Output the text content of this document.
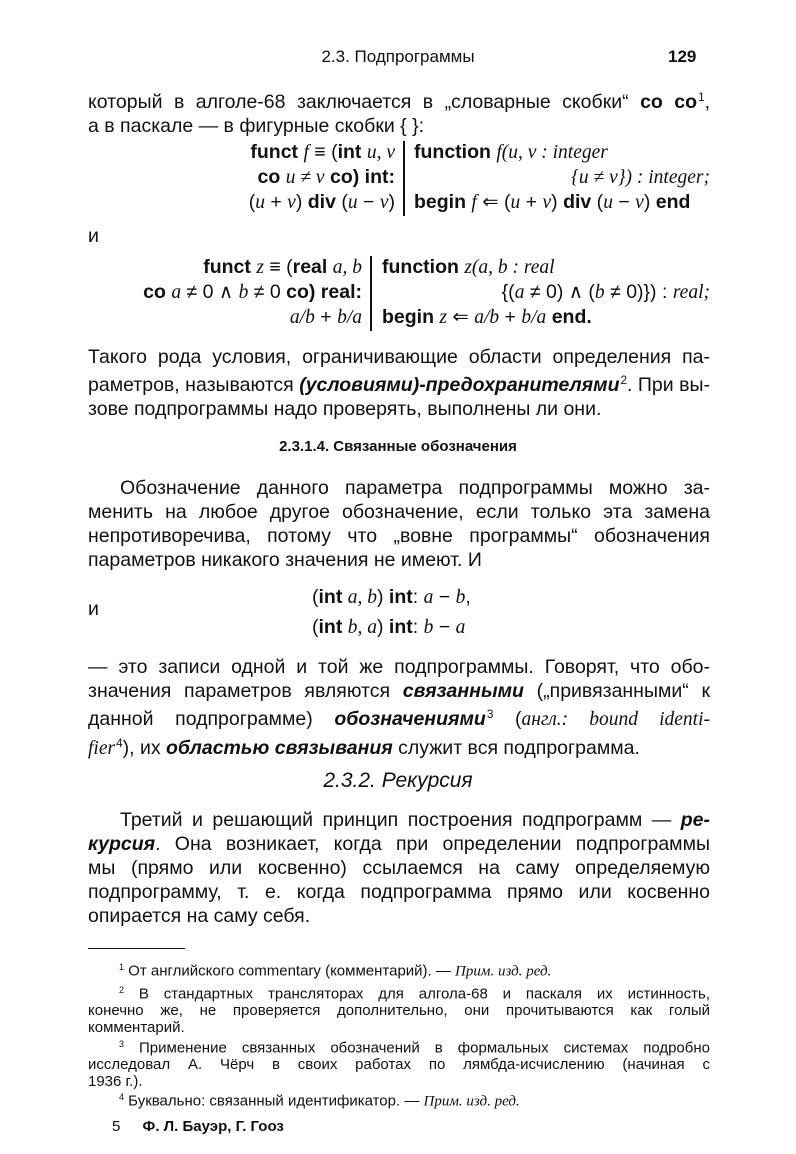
2.3. Подпрограммы	129
который в алголе-68 заключается в „словарные скобки“ co $co^1$,
а в паскале — в фигурные скобки { }:
funct f ≡ (int u, v
co u ≠ v co) int:
(u + v) div (u − v)
function f(u, v : integer
{u ≠ v}) : integer;
begin f ⇐ (u + v) div (u − v) end
и
funct z ≡ (real a, b
co a ≠ 0 ∧ b ≠ 0 co) real:
a/b + b/a
function z(a, b : real
{(a ≠ 0) ∧ (b ≠ 0)}) : real;
begin z ⇐ a/b + b/a end.
Такого рода условия, ограничивающие области определения па-
раметров, называются (условиями)-предохранителями$^2$. При вы-
зове подпрограммы надо проверять, выполнены ли они.
2.3.1.4. Связанные обозначения
Обозначение данного параметра подпрограммы можно за-
менить на любое другое обозначение, если только эта замена
непротиворечива, потому что „вовне программы“ обозначения
параметров никакого значения не имеют. И
(int a, b) int: a − b,
и
(int b, a) int: b − a
— это записи одной и той же подпрограммы. Говорят, что обо-
значения параметров являются связанными („привязанными“ к
данной подпрограмме) обозначениями$^3$ (англ.: bound identi-
fier$^4$), их областью связывания служит вся подпрограмма.
2.3.2. Рекурсия
Третий и решающий принцип построения подпрограмм — ре-
курсия. Она возникает, когда при определении подпрограммы
мы (прямо или косвенно) ссылаемся на саму определяемую
подпрограмму, т. е. когда подпрограмма прямо или косвенно
опирается на саму себя.
$^1$ От английского commentary (комментарий). — Прим. изд. ред.
$^2$ В стандартных трансляторах для алгола-68 и паскаля их истинность,
конечно же, не проверяется дополнительно, они прочитываются как голый
комментарий.
$^3$ Применение связанных обозначений в формальных системах подробно
исследовал А. Чёрч в своих работах по лямбда-исчислению (начиная с
1936 г.).
$^4$ Буквально: связанный идентификатор. — Прим. изд. ред.
5 Ф. Л. Бауэр, Г. Гооз
